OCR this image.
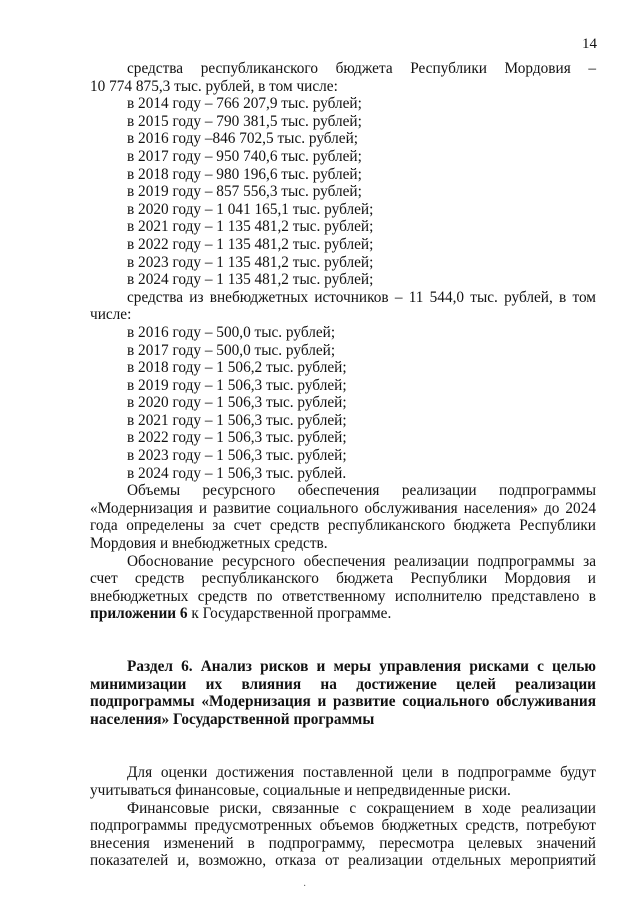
14

средства республиканского бюджета Республики Мордовия –

10 774 875,3 тыс. рублей, в том числе:

в 2014 году – 766 207,9 тыс. рублей;
в 2015 году – 790 381,5 тыс. рублей;
в 2016 году –846 702,5 тыс. рублей;
в 2017 году – 950 740,6 тыс. рублей;
в 2018 году – 980 196,6 тыс. рублей;
в 2019 году – 857 556,3 тыс. рублей;
в 2020 году – 1 041 165,1 тыс. рублей;
в 2021 году – 1 135 481,2 тыс. рублей;
в 2022 году – 1 135 481,2 тыс. рублей;
в 2023 году – 1 135 481,2 тыс. рублей;
в 2024 году – 1 135 481,2 тыс. рублей;

средства из внебюджетных источников – 11 544,0 тыс. рублей, в том

числе:

в 2016 году – 500,0 тыс. рублей;
в 2017 году – 500,0 тыс. рублей;
в 2018 году – 1 506,2 тыс. рублей;
в 2019 году – 1 506,3 тыс. рублей;
в 2020 году – 1 506,3 тыс. рублей;
в 2021 году – 1 506,3 тыс. рублей;
в 2022 году – 1 506,3 тыс. рублей;
в 2023 году – 1 506,3 тыс. рублей;
в 2024 году – 1 506,3 тыс. рублей.

Объемы ресурсного обеспечения реализации подпрограммы

«Модернизация и развитие социального обслуживания населения» до 2024

года определены за счет средств республиканского бюджета Республики

Мордовия и внебюджетных средств.

Обоснование ресурсного обеспечения реализации подпрограммы за

счет средств республиканского бюджета Республики Мордовия и

внебюджетных средств по ответственному исполнителю представлено в

приложении 6 к Государственной программе.

Раздел 6. Анализ рисков и меры управления рисками с целью

минимизации их влияния на достижение целей реализации

подпрограммы «Модернизация и развитие социального обслуживания

населения» Государственной программы

Для оценки достижения поставленной цели в подпрограмме будут

учитываться финансовые, социальные и непредвиденные риски.

Финансовые риски, связанные с сокращением в ходе реализации

подпрограммы предусмотренных объемов бюджетных средств, потребуют

внесения изменений в подпрограмму, пересмотра целевых значений

показателей и, возможно, отказа от реализации отдельных мероприятий

·
